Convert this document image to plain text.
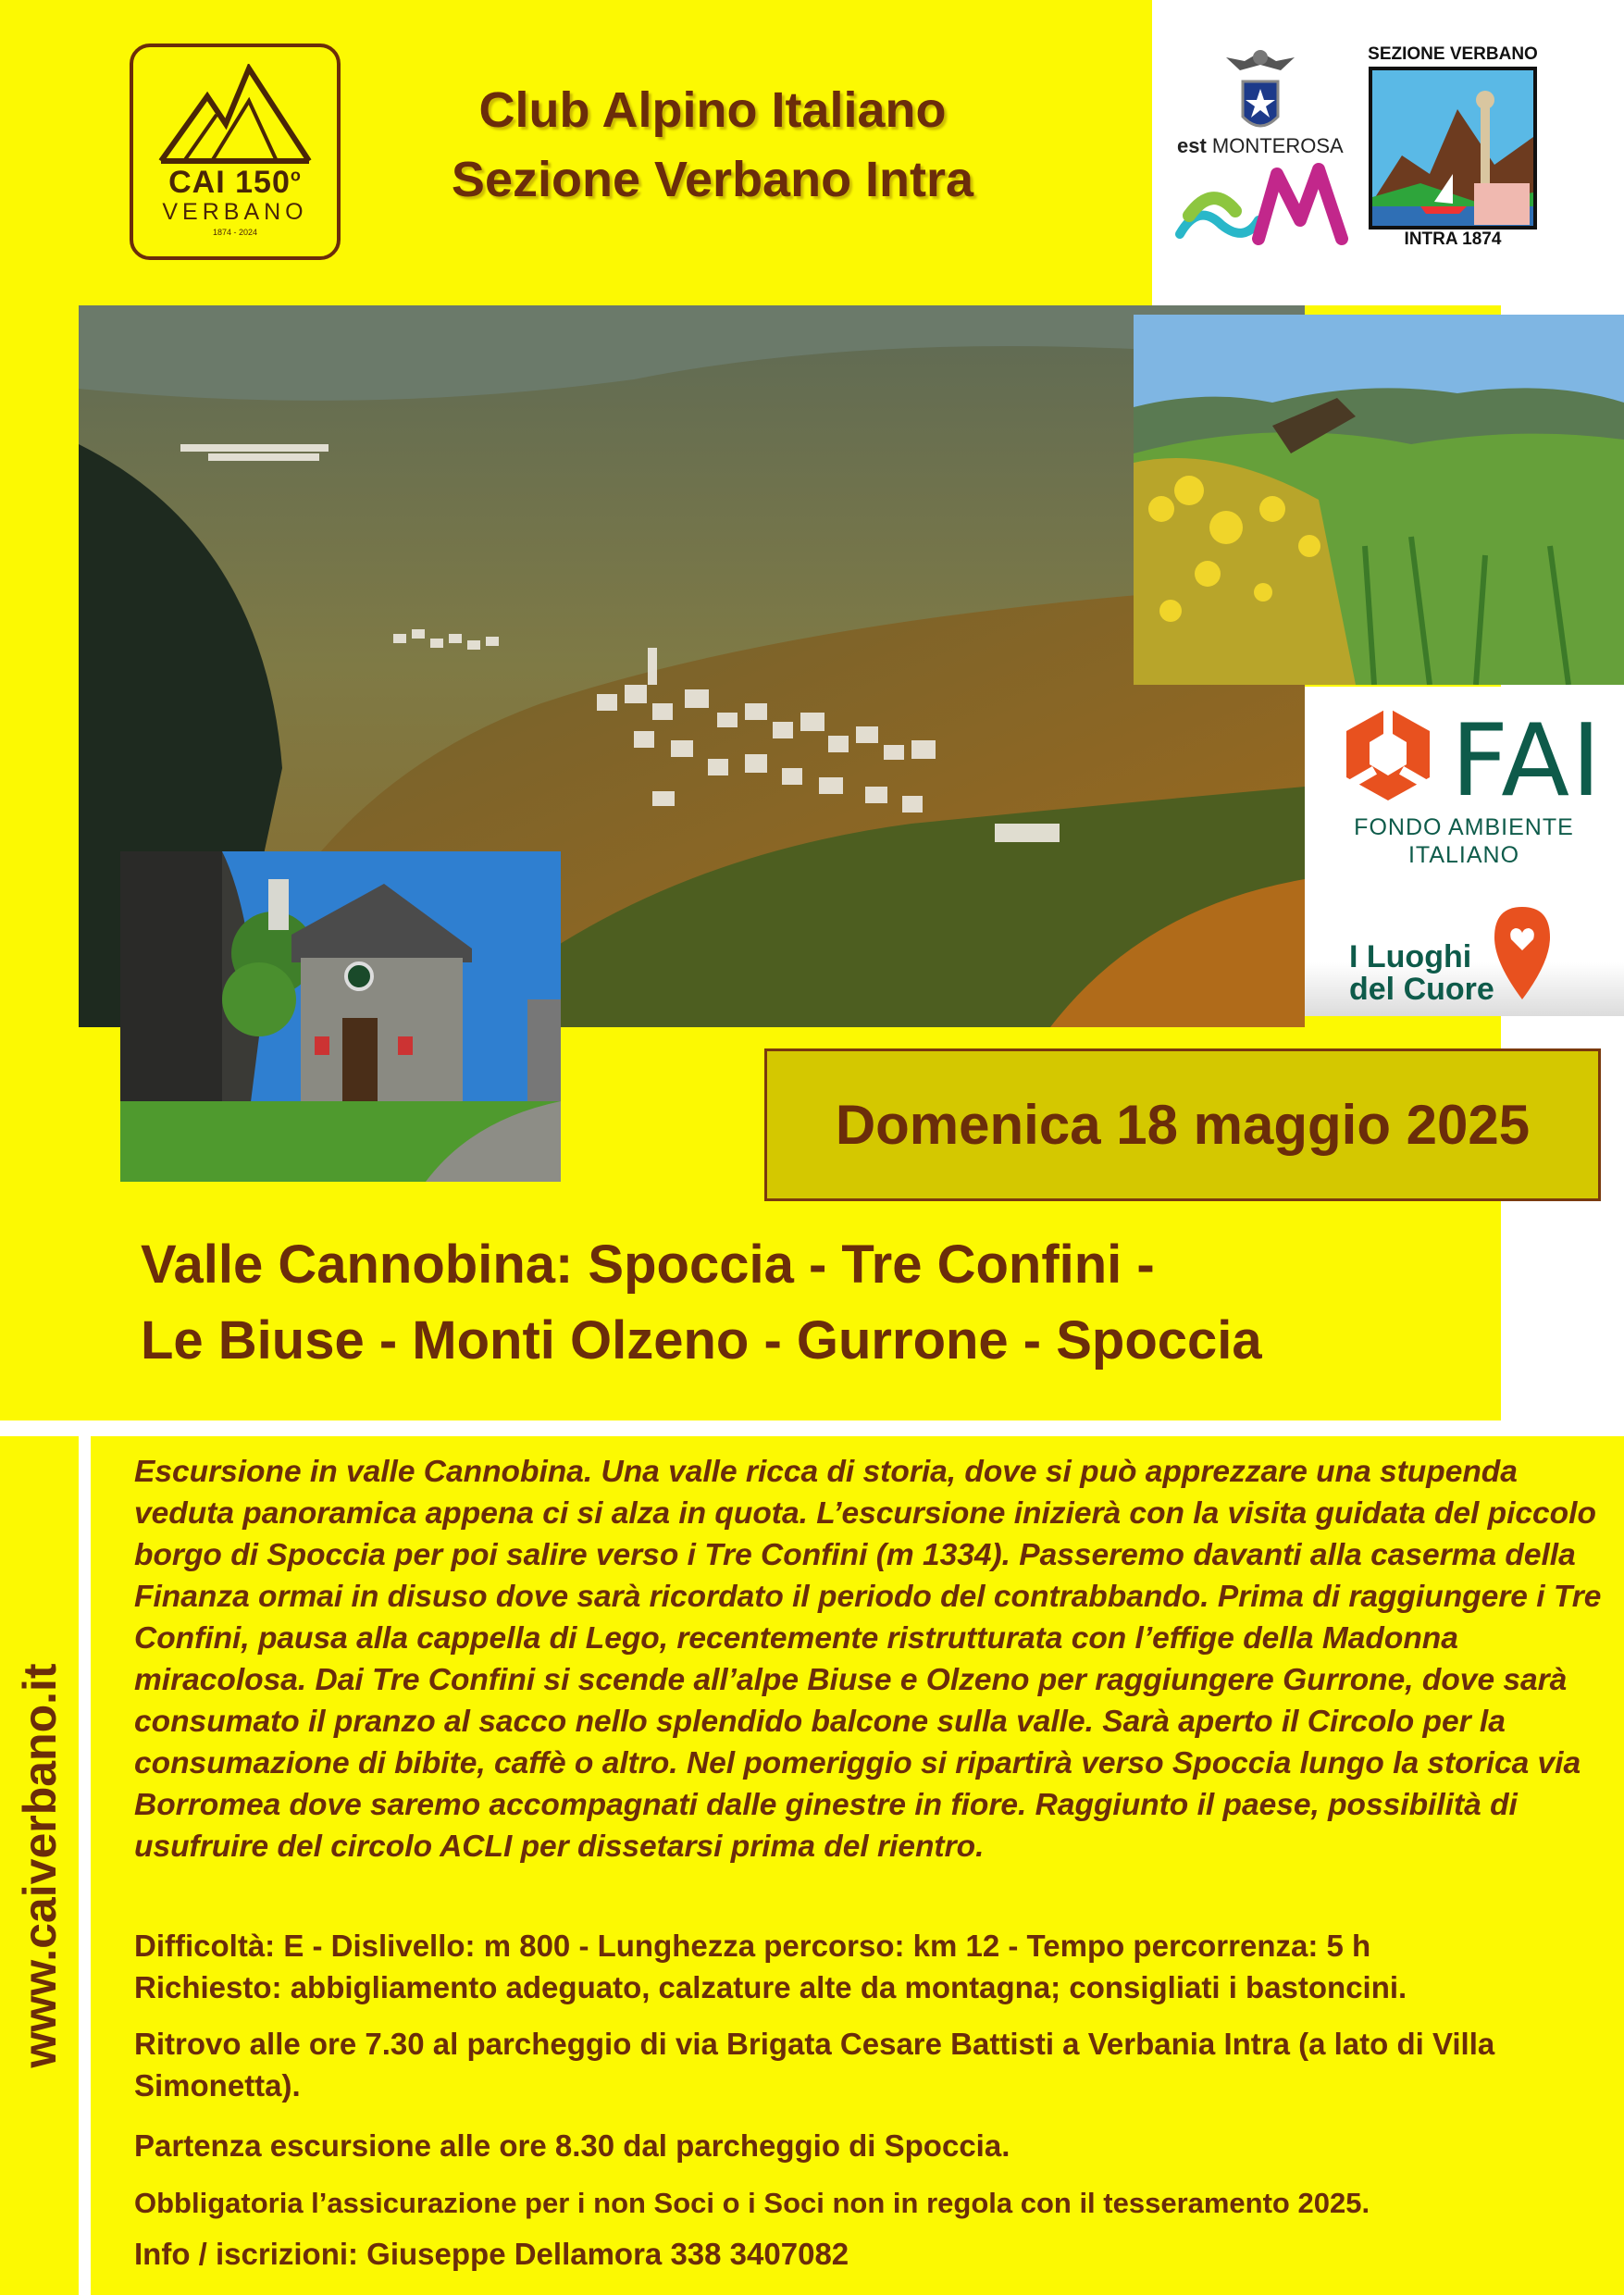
CAI 150$^o$
VERBANO
1874 - 2024
Club Alpino Italiano
Sezione Verbano Intra
est MONTEROSA
SEZIONE VERBANO
INTRA 1874
FAI
FONDO AMBIENTE
ITALIANO
I Luoghi
del Cuore
Domenica 18 maggio 2025
Valle Cannobina: Spoccia - Tre Confini -
Le Biuse - Monti Olzeno - Gurrone - Spoccia
www.caiverbano.it
Escursione in valle Cannobina. Una valle ricca di storia, dove si può apprezzare una stupenda veduta panoramica appena ci si alza in quota. L’escursione inizierà con la visita guidata del piccolo borgo di Spoccia per poi salire verso i Tre Confini (m 1334). Passeremo davanti alla caserma della Finanza ormai in disuso dove sarà ricordato il periodo del contrabbando. Prima di raggiungere i Tre Confini, pausa alla cappella di Lego, recentemente ristrutturata con l’effige della Madonna miracolosa. Dai Tre Confini si scende all’alpe Biuse e Olzeno per raggiungere Gurrone, dove sarà consumato il pranzo al sacco nello splendido balcone sulla valle. Sarà aperto il Circolo per la consumazione di bibite, caffè o altro. Nel pomeriggio si ripartirà verso Spoccia lungo la storica via Borromea dove saremo accompagnati dalle ginestre in fiore. Raggiunto il paese, possibilità di usufruire del circolo ACLI per dissetarsi prima del rientro.
Difficoltà: E - Dislivello: m 800 - Lunghezza percorso: km 12 - Tempo percorrenza: 5 h
Richiesto: abbigliamento adeguato, calzature alte da montagna; consigliati i bastoncini.
Ritrovo alle ore 7.30 al parcheggio di via Brigata Cesare Battisti a Verbania Intra (a lato di Villa Simonetta).
Partenza escursione alle ore 8.30 dal parcheggio di Spoccia.
Obbligatoria l’assicurazione per i non Soci o i Soci non in regola con il tesseramento 2025.
Info / iscrizioni: Giuseppe Dellamora 338 3407082
